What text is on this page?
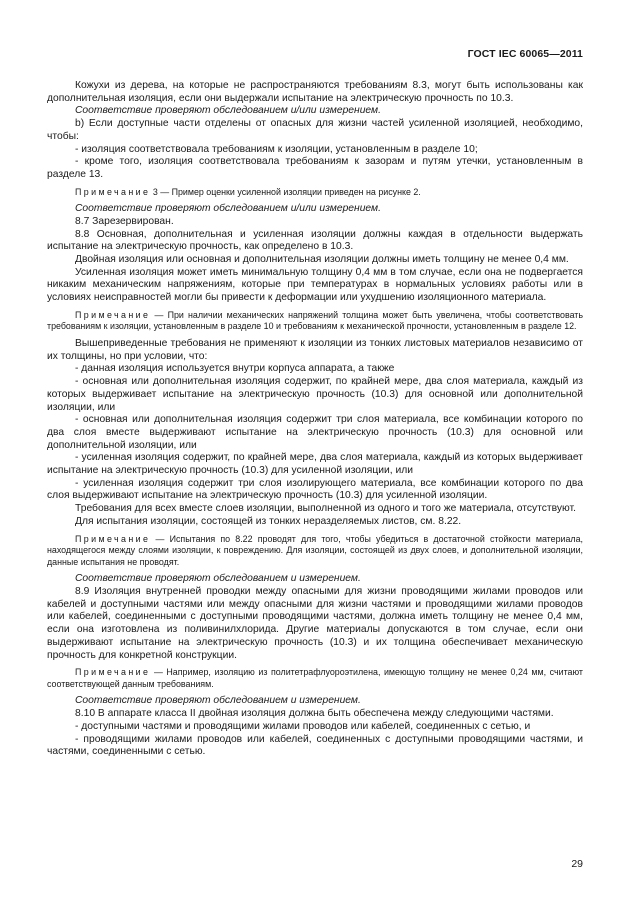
ГОСТ IEC 60065—2011

Кожухи из дерева, на которые не распространяются требованиям 8.3, могут быть использованы как дополнительная изоляция, если они выдержали испытание на электрическую прочность по 10.3.

Соответствие проверяют обследованием и/или измерением.

b) Если доступные части отделены от опасных для жизни частей усиленной изоляцией, необходимо, чтобы:

- изоляция соответствовала требованиям к изоляции, установленным в разделе 10;

- кроме того, изоляция соответствовала требованиям к зазорам и путям утечки, установленным в разделе 13.

Примечание 3 — Пример оценки усиленной изоляции приведен на рисунке 2.

Соответствие проверяют обследованием и/или измерением.

8.7 Зарезервирован.

8.8 Основная, дополнительная и усиленная изоляции должны каждая в отдельности выдержать испытание на электрическую прочность, как определено в 10.3.

Двойная изоляция или основная и дополнительная изоляции должны иметь толщину не менее 0,4 мм.

Усиленная изоляция может иметь минимальную толщину 0,4 мм в том случае, если она не подвергается никаким механическим напряжениям, которые при температурах в нормальных условиях работы или в условиях неисправностей могли бы привести к деформации или ухудшению изоляционного материала.

Примечание — При наличии механических напряжений толщина может быть увеличена, чтобы соответствовать требованиям к изоляции, установленным в разделе 10 и требованиям к механической прочности, установленным в разделе 12.

Вышеприведенные требования не применяют к изоляции из тонких листовых материалов независимо от их толщины, но при условии, что:

- данная изоляция используется внутри корпуса аппарата, а также

- основная или дополнительная изоляция содержит, по крайней мере, два слоя материала, каждый из которых выдерживает испытание на электрическую прочность (10.3) для основной или дополнительной изоляции, или

- основная или дополнительная изоляция содержит три слоя материала, все комбинации которого по два слоя вместе выдерживают испытание на электрическую прочность (10.3) для основной или дополнительной изоляции, или

- усиленная изоляция содержит, по крайней мере, два слоя материала, каждый из которых выдерживает испытание на электрическую прочность (10.3) для усиленной изоляции, или

- усиленная изоляция содержит три слоя изолирующего материала, все комбинации которого по два слоя выдерживают испытание на электрическую прочность (10.3) для усиленной изоляции.

Требования для всех вместе слоев изоляции, выполненной из одного и того же материала, отсутствуют.

Для испытания изоляции, состоящей из тонких неразделяемых листов, см. 8.22.

Примечание — Испытания по 8.22 проводят для того, чтобы убедиться в достаточной стойкости материала, находящегося между слоями изоляции, к повреждению. Для изоляции, состоящей из двух слоев, и дополнительной изоляции, данные испытания не проводят.

Соответствие проверяют обследованием и измерением.

8.9 Изоляция внутренней проводки между опасными для жизни проводящими жилами проводов или кабелей и доступными частями или между опасными для жизни частями и проводящими жилами проводов или кабелей, соединенными с доступными проводящими частями, должна иметь толщину не менее 0,4 мм, если она изготовлена из поливинилхлорида. Другие материалы допускаются в том случае, если они выдерживают испытание на электрическую прочность (10.3) и их толщина обеспечивает механическую прочность для конкретной конструкции.

Примечание — Например, изоляцию из политетрафлуороэтилена, имеющую толщину не менее 0,24 мм, считают соответствующей данным требованиям.

Соответствие проверяют обследованием и измерением.

8.10 В аппарате класса II двойная изоляция должна быть обеспечена между следующими частями.

- доступными частями и проводящими жилами проводов или кабелей, соединенных с сетью, и

- проводящими жилами проводов или кабелей, соединенных с доступными проводящими частями, и частями, соединенными с сетью.

29
